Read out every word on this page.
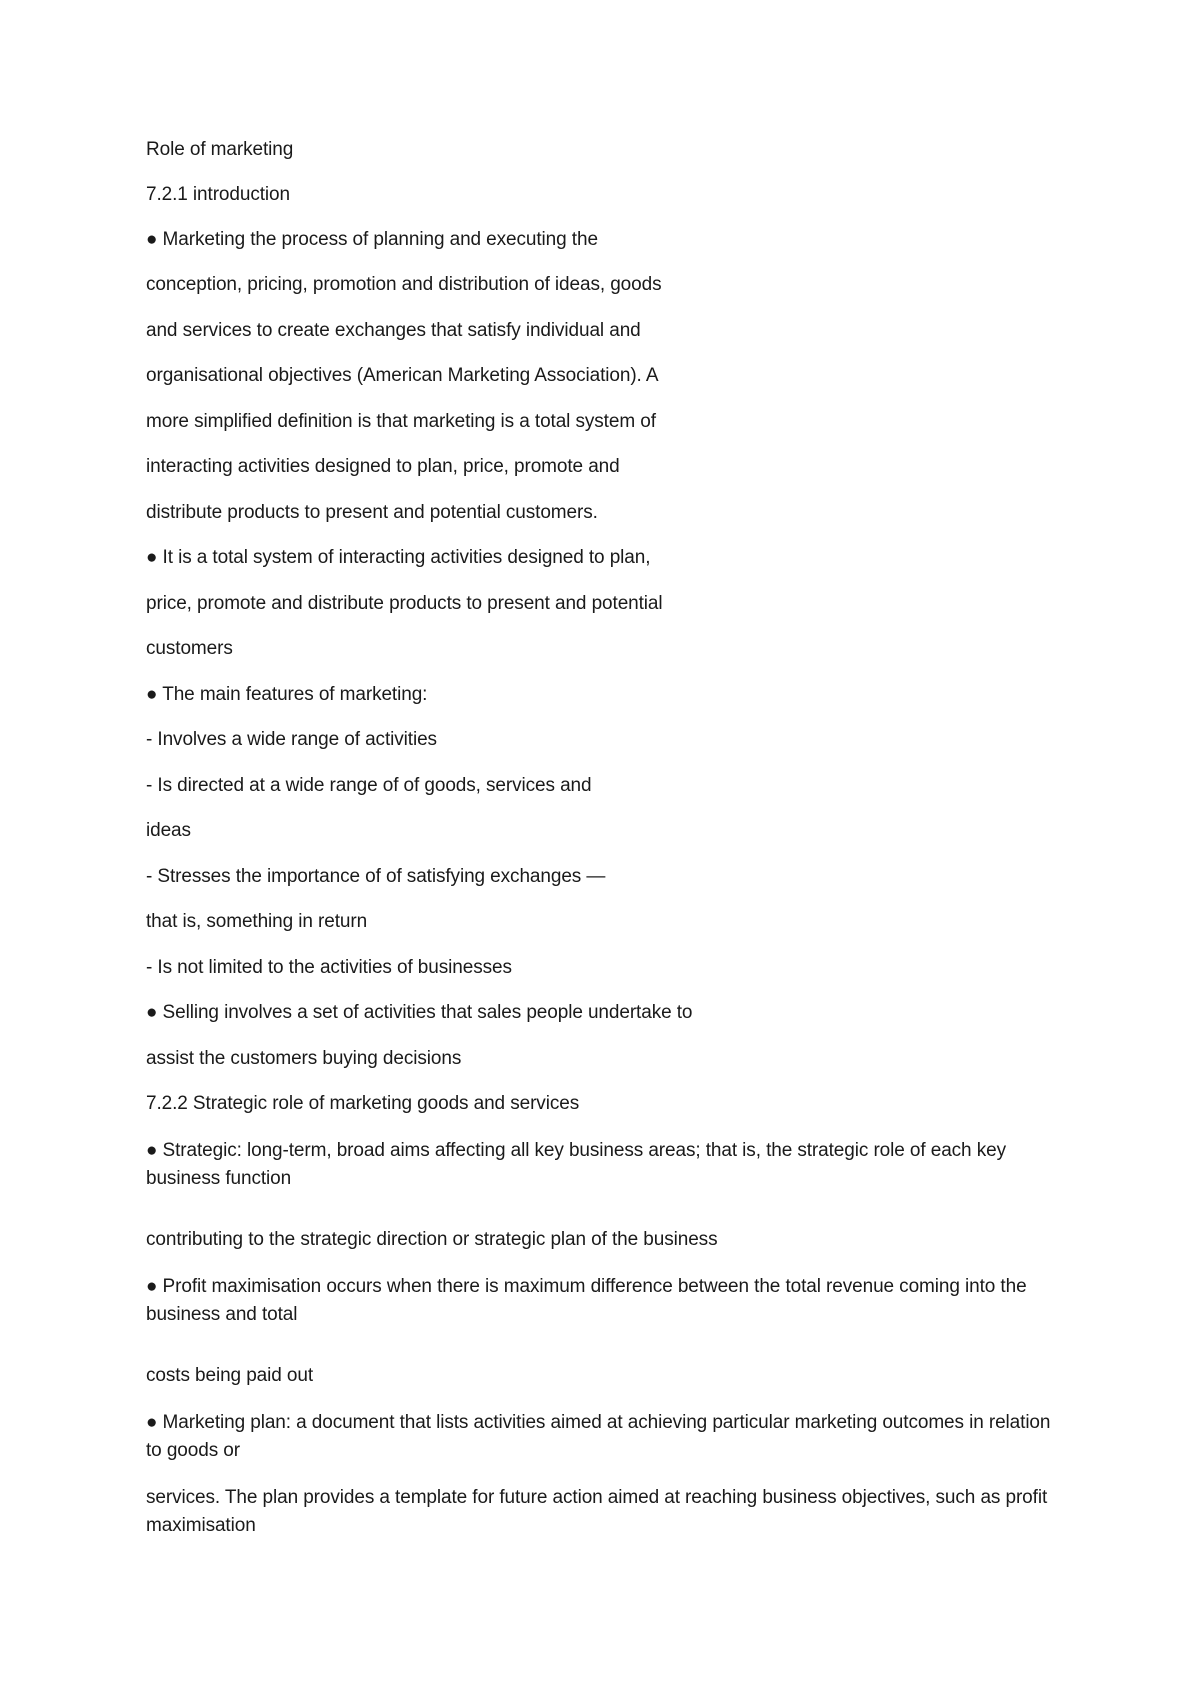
Role of marketing
7.2.1 introduction
● Marketing the process of planning and executing the
conception, pricing, promotion and distribution of ideas, goods
and services to create exchanges that satisfy individual and
organisational objectives (American Marketing Association). A
more simplified definition is that marketing is a total system of
interacting activities designed to plan, price, promote and
distribute products to present and potential customers.
● It is a total system of interacting activities designed to plan,
price, promote and distribute products to present and potential
customers
● The main features of marketing:
- Involves a wide range of activities
- Is directed at a wide range of of goods, services and
ideas
- Stresses the importance of of satisfying exchanges —
that is, something in return
- Is not limited to the activities of businesses
● Selling involves a set of activities that sales people undertake to
assist the customers buying decisions
7.2.2 Strategic role of marketing goods and services
● Strategic: long-term, broad aims affecting all key business areas; that is, the strategic role of each key business function
contributing to the strategic direction or strategic plan of the business
● Profit maximisation occurs when there is maximum difference between the total revenue coming into the business and total
costs being paid out
● Marketing plan: a document that lists activities aimed at achieving particular marketing outcomes in relation to goods or
services. The plan provides a template for future action aimed at reaching business objectives, such as profit maximisation
